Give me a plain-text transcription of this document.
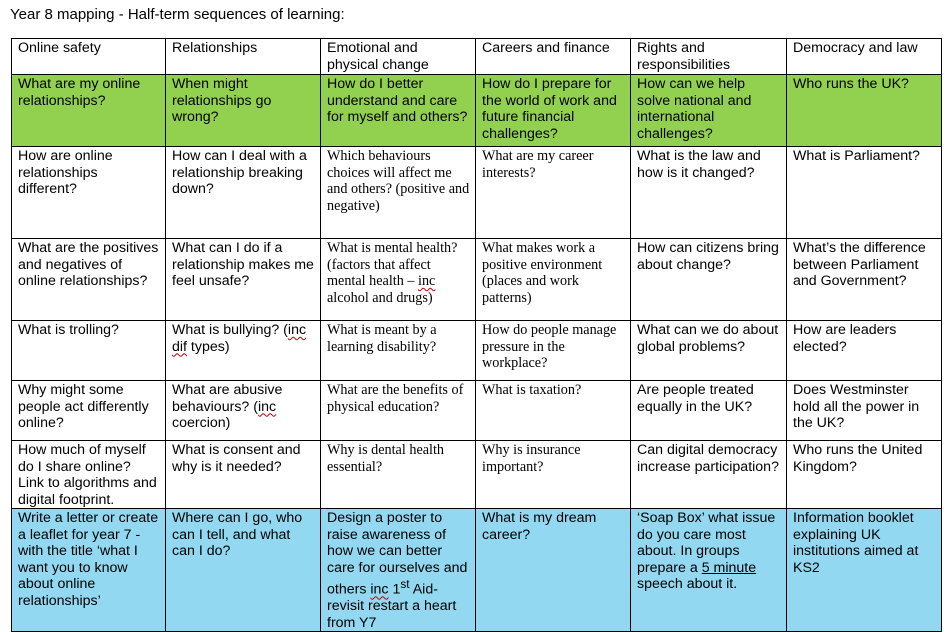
Year 8 mapping - Half-term sequences of learning:
Online safety	Relationships	Emotional and physical change	Careers and finance	Rights and responsibilities	Democracy and law
What are my online relationships?	When might relationships go wrong?	How do I better understand and care for myself and others?	How do I prepare for the world of work and future financial challenges?	How can we help solve national and international challenges?	Who runs the UK?
How are online relationships different?	How can I deal with a relationship breaking down?	Which behaviours choices will affect me and others? (positive and negative)	What are my career interests?	What is the law and how is it changed?	What is Parliament?
What are the positives and negatives of online relationships?	What can I do if a relationship makes me feel unsafe?	What is mental health? (factors that affect mental health – inc alcohol and drugs)	What makes work a positive environment (places and work patterns)	How can citizens bring about change?	What’s the difference between Parliament and Government?
What is trolling?	What is bullying? (inc dif types)	What is meant by a learning disability?	How do people manage pressure in the workplace?	What can we do about global problems?	How are leaders elected?
Why might some people act differently online?	What are abusive behaviours? (inc coercion)	What are the benefits of physical education?	What is taxation?	Are people treated equally in the UK?	Does Westminster hold all the power in the UK?
How much of myself do I share online? Link to algorithms and digital footprint.	What is consent and why is it needed?	Why is dental health essential?	Why is insurance important?	Can digital democracy increase participation?	Who runs the United Kingdom?
Write a letter or create a leaflet for year 7 - with the title ‘what I want you to know about online relationships’	Where can I go, who can I tell, and what can I do?	Design a poster to raise awareness of how we can better care for ourselves and others inc 1st Aid- revisit restart a heart from Y7	What is my dream career?	‘Soap Box’ what issue do you care most about. In groups prepare a 5 minute speech about it.	Information booklet explaining UK institutions aimed at KS2
